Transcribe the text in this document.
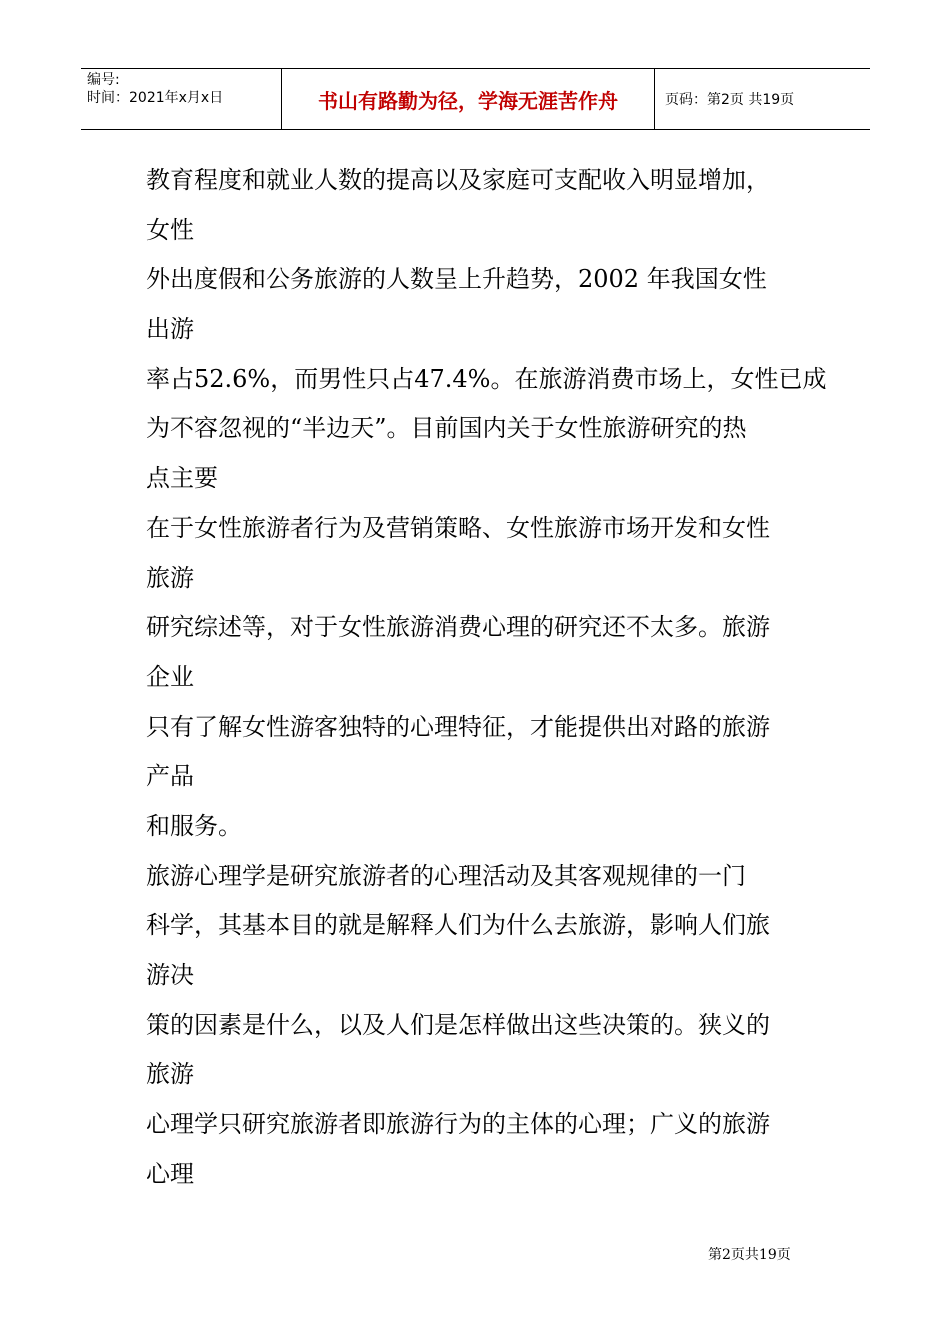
编号:
时间：2021年x月x日	书山有路勤为径，学海无涯苦作舟	页码：第2页 共19页
教育程度和就业人数的提高以及家庭可支配收入明显增加，
女性
外出度假和公务旅游的人数呈上升趋势，2002 年我国女性
出游
率占52.6%，而男性只占47.4%。在旅游消费市场上，女性已成
为不容忽视的“半边天”。目前国内关于女性旅游研究的热
点主要
在于女性旅游者行为及营销策略、女性旅游市场开发和女性
旅游
研究综述等，对于女性旅游消费心理的研究还不太多。旅游
企业
只有了解女性游客独特的心理特征，才能提供出对路的旅游
产品
和服务。
旅游心理学是研究旅游者的心理活动及其客观规律的一门
科学，其基本目的就是解释人们为什么去旅游，影响人们旅
游决
策的因素是什么，以及人们是怎样做出这些决策的。狭义的
旅游
心理学只研究旅游者即旅游行为的主体的心理；广义的旅游
心理
第2页共19页
